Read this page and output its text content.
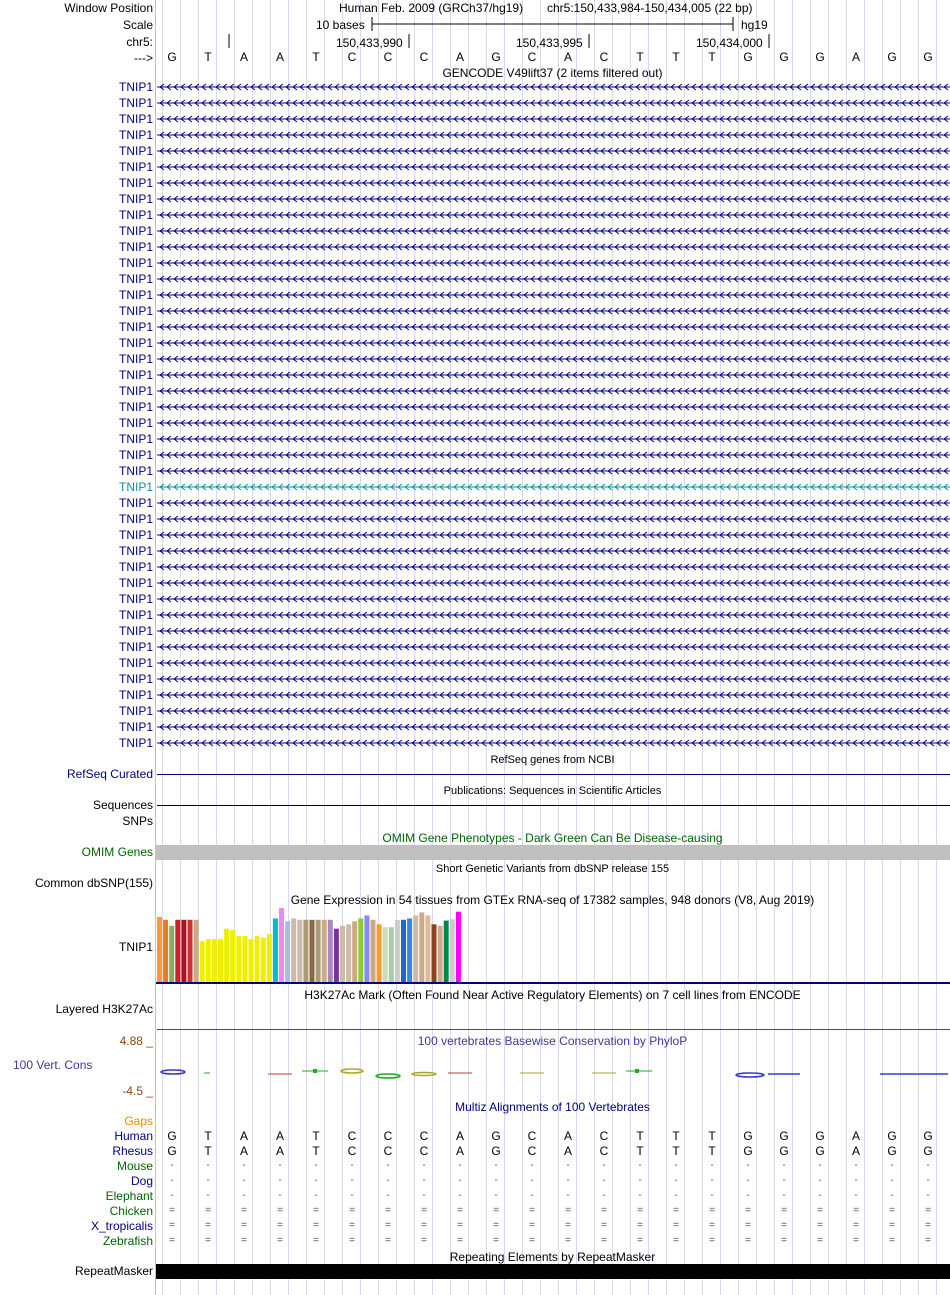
Window Position
Scale
chr5:
--->
Human Feb. 2009 (GRCh37/hg19) chr5:150,433,984-150,434,005 (22 bp)
10 bases	hg19
150,433,990	150,433,995	150,434,000
G	T	A	A	T	C	C	C	A	G	C	A	C	T	T	T	G	G	G	A	G	G
GENCODE V49lift37 (2 items filtered out)
TNIP1
TNIP1
TNIP1
TNIP1
TNIP1
TNIP1
TNIP1
TNIP1
TNIP1
TNIP1
TNIP1
TNIP1
TNIP1
TNIP1
TNIP1
TNIP1
TNIP1
TNIP1
TNIP1
TNIP1
TNIP1
TNIP1
TNIP1
TNIP1
TNIP1
TNIP1
TNIP1
TNIP1
TNIP1
TNIP1
TNIP1
TNIP1
TNIP1
TNIP1
TNIP1
TNIP1
TNIP1
TNIP1
TNIP1
TNIP1
TNIP1
TNIP1
RefSeq genes from NCBI
RefSeq Curated
Publications: Sequences in Scientific Articles
Sequences
SNPs
OMIM Gene Phenotypes - Dark Green Can Be Disease-causing
OMIM Genes
Short Genetic Variants from dbSNP release 155
Common dbSNP(155)
Gene Expression in 54 tissues from GTEx RNA-seq of 17382 samples, 948 donors (V8, Aug 2019)
TNIP1
H3K27Ac Mark (Often Found Near Active Regulatory Elements) on 7 cell lines from ENCODE
Layered H3K27Ac
100 vertebrates Basewise Conservation by PhyloP
4.88 _
100 Vert. Cons
-4.5 _
Multiz Alignments of 100 Vertebrates
Gaps
Human	G	T	A	A	T	C	C	C	A	G	C	A	C	T	T	T	G	G	G	A	G	G
Rhesus	G	T	A	A	T	C	C	C	A	G	C	A	C	T	T	T	G	G	G	A	G	G
Mouse	-	-	-	-	-	-	-	-	-	-	-	-	-	-	-	-	-	-	-	-	-	-
Dog	-	-	-	-	-	-	-	-	-	-	-	-	-	-	-	-	-	-	-	-	-	-
Elephant	-	-	-	-	-	-	-	-	-	-	-	-	-	-	-	-	-	-	-	-	-	-
Chicken	=	=	=	=	=	=	=	=	=	=	=	=	=	=	=	=	=	=	=	=	=	=
X_tropicalis	=	=	=	=	=	=	=	=	=	=	=	=	=	=	=	=	=	=	=	=	=	=
Zebrafish	=	=	=	=	=	=	=	=	=	=	=	=	=	=	=	=	=	=	=	=	=	=
Repeating Elements by RepeatMasker
RepeatMasker
